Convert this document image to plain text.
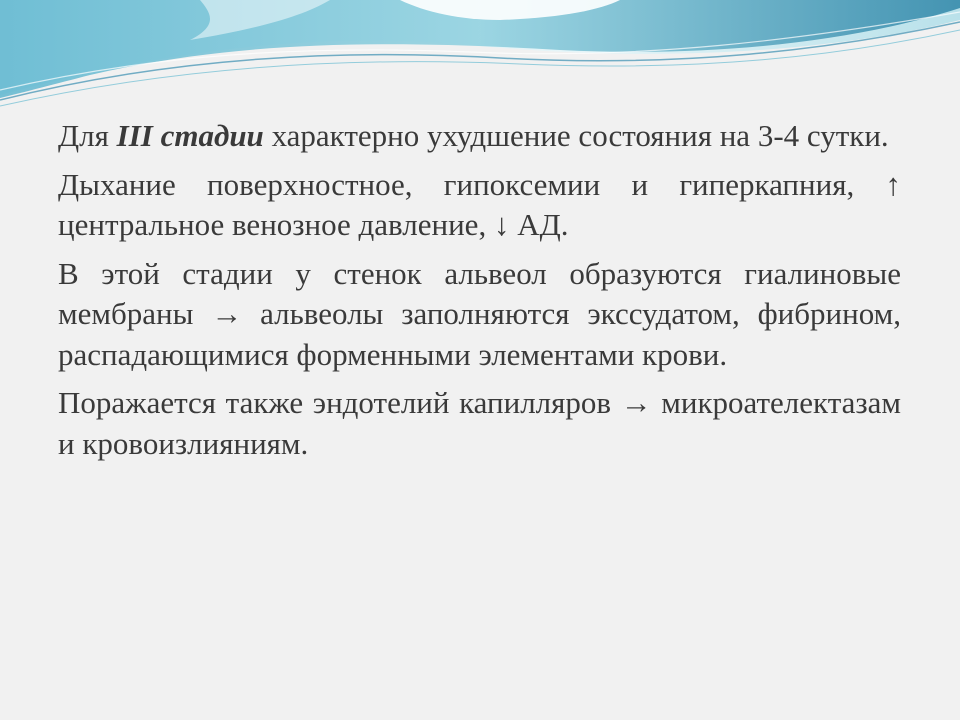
Для III стадии характерно ухудшение состояния на 3-4 сутки.

Дыхание поверхностное, гипоксемии и гиперкапния, ↑ центральное венозное давление, ↓ АД.

В этой стадии у стенок альвеол образуются гиалиновые мембраны → альвеолы заполняются экссудатом, фибрином, распадающимися форменными элементами крови.

Поражается также эндотелий капилляров → микроателектазам и кровоизлияниям.
